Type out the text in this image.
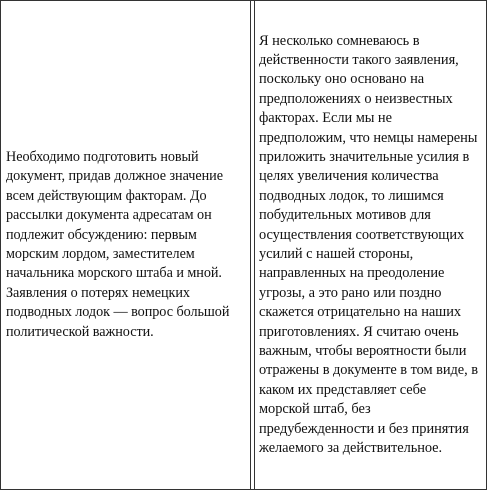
Необходимо подготовить новый документ, придав должное значение всем действующим факторам. До рассылки документа адресатам он подлежит обсуждению: первым морским лордом, заместителем начальника морского штаба и мной. Заявления о потерях немецких подводных лодок — вопрос большой политической важности.

Я несколько сомневаюсь в действенности такого заявления, поскольку оно основано на предположениях о неизвестных факторах. Если мы не предположим, что немцы намерены приложить значительные усилия в целях увеличения количества подводных лодок, то лишимся побудительных мотивов для осуществления соответствующих усилий с нашей стороны, направленных на преодоление угрозы, а это рано или поздно скажется отрицательно на наших приготовлениях. Я считаю очень важным, чтобы вероятности были отражены в документе в том виде, в каком их представляет себе морской штаб, без предубежденности и без принятия желаемого за действительное.
